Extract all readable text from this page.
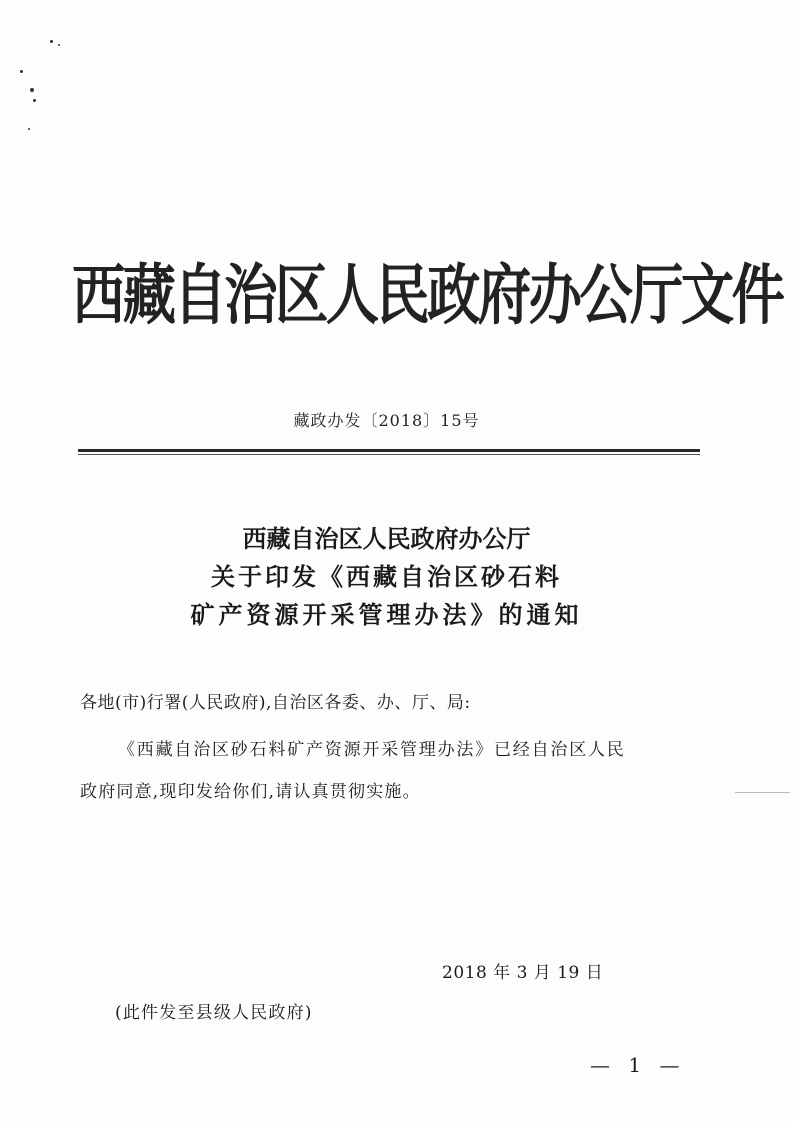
西藏自治区人民政府办公厅文件
藏政办发〔2018〕15号
西藏自治区人民政府办公厅
关于印发《西藏自治区砂石料
矿产资源开采管理办法》的通知
各地(市)行署(人民政府),自治区各委、办、厅、局:
《西藏自治区砂石料矿产资源开采管理办法》已经自治区人民
政府同意,现印发给你们,请认真贯彻实施。
2018 年 3 月 19 日
(此件发至县级人民政府)
— 1 —
